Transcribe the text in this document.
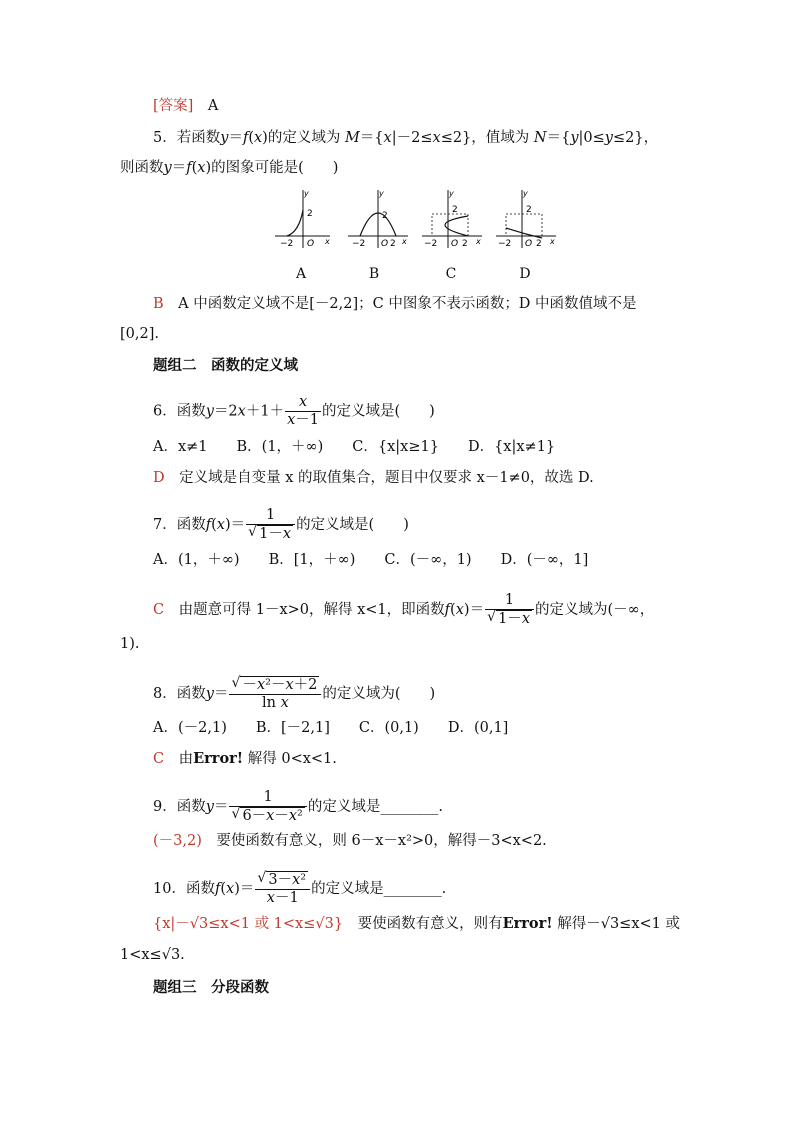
[答案]　 A
5．若函数y＝f(x)的定义域为 M＝{x|－2≤x≤2}，值域为 N＝{y|0≤y≤2}，
则函数y＝f(x)的图象可能是(　　)
y
2
−2 O x
y
2
−2 O 2 x
y
2
−2 O 2 x
y
2
−2 O 2 x
A	B	C	D
B　 A 中函数定义域不是[－2,2]；C 中图象不表示函数；D 中函数值域不是
[0,2].
题组二　函数的定义域
6．函数$y=2x+1+ \frac{x}{x-1}$ 的定义域是(　　)
A．x≠1　　B．(1，＋∞)　　C．{x|x≥1}　　D．{x|x≠1}
D　 定义域是自变量 x 的取值集合，题目中仅要求 x－1≠0，故选 D.
7．函数$f(x)= \frac{1}{√ 1-x}$ 的定义域是(　　)
A．(1，＋∞)　　B．[1，＋∞)　　C．(－∞，1)　　D．(－∞，1]
C　 由题意可得 1－x>0，解得 x<1，即函数$f(x)= \frac{1}{√ 1-x}$ 的定义域为(－∞，
1).
8．函数$y= \frac{\text{√ －x²－x＋2}}{\text{ln x}}$ 的定义域为(　　)
A．(－2,1)　　B．[－2,1]　　C．(0,1)　　D．(0,1]
C　 由Error! 解得 0<x<1.
9．函数$y= \frac{1}{\text{√ 6－x－x²}}$ 的定义域是________.
(－3,2)　 要使函数有意义，则 6－x－x²>0，解得－3<x<2.
10．函数$f(x)= \frac{\text{√ 3－x²}}{x-1}$ 的定义域是________.
{x|－√3≤x<1 或 1<x≤√3}　 要使函数有意义，则有Error! 解得－√3≤x<1 或
1<x≤√3.
题组三　分段函数
